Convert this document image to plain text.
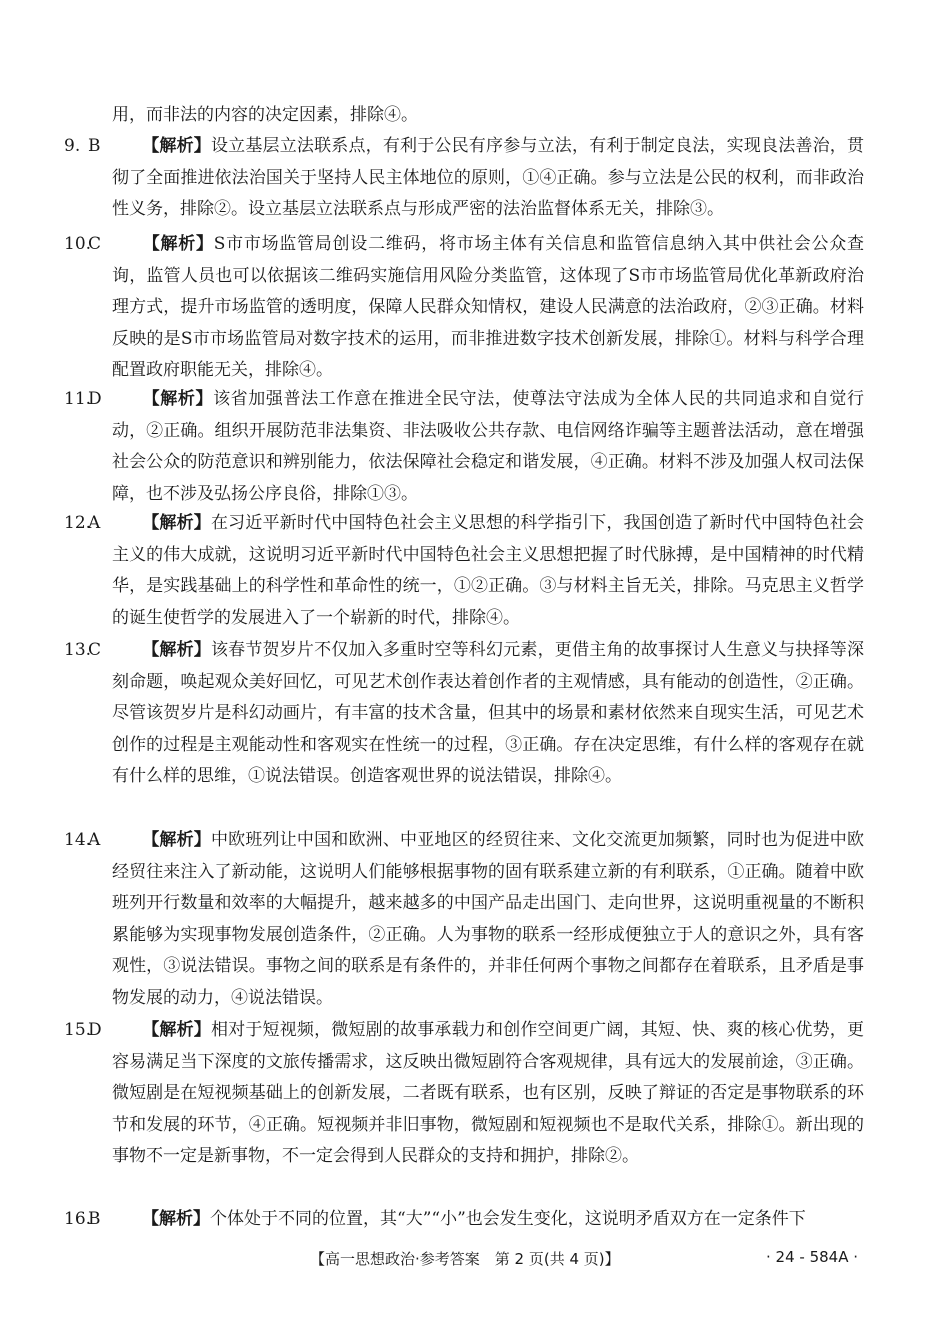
用，而非法的内容的决定因素，排除④。

9. B 【解析】设立基层立法联系点，有利于公民有序参与立法，有利于制定良法，实现良法善治，贯彻了全面推进依法治国关于坚持人民主体地位的原则，①④正确。参与立法是公民的权利，而非政治性义务，排除②。设立基层立法联系点与形成严密的法治监督体系无关，排除③。

10.C 【解析】S市市场监管局创设二维码，将市场主体有关信息和监管信息纳入其中供社会公众查询，监管人员也可以依据该二维码实施信用风险分类监管，这体现了S市市场监管局优化革新政府治理方式，提升市场监管的透明度，保障人民群众知情权，建设人民满意的法治政府，②③正确。材料反映的是S市市场监管局对数字技术的运用，而非推进数字技术创新发展，排除①。材料与科学合理配置政府职能无关，排除④。

11.D 【解析】该省加强普法工作意在推进全民守法，使尊法守法成为全体人民的共同追求和自觉行动，②正确。组织开展防范非法集资、非法吸收公共存款、电信网络诈骗等主题普法活动，意在增强社会公众的防范意识和辨别能力，依法保障社会稳定和谐发展，④正确。材料不涉及加强人权司法保障，也不涉及弘扬公序良俗，排除①③。

12.A 【解析】在习近平新时代中国特色社会主义思想的科学指引下，我国创造了新时代中国特色社会主义的伟大成就，这说明习近平新时代中国特色社会主义思想把握了时代脉搏，是中国精神的时代精华，是实践基础上的科学性和革命性的统一，①②正确。③与材料主旨无关，排除。马克思主义哲学的诞生使哲学的发展进入了一个崭新的时代，排除④。

13.C 【解析】该春节贺岁片不仅加入多重时空等科幻元素，更借主角的故事探讨人生意义与抉择等深刻命题，唤起观众美好回忆，可见艺术创作表达着创作者的主观情感，具有能动的创造性，②正确。尽管该贺岁片是科幻动画片，有丰富的技术含量，但其中的场景和素材依然来自现实生活，可见艺术创作的过程是主观能动性和客观实在性统一的过程，③正确。存在决定思维，有什么样的客观存在就有什么样的思维，①说法错误。创造客观世界的说法错误，排除④。

14.A 【解析】中欧班列让中国和欧洲、中亚地区的经贸往来、文化交流更加频繁，同时也为促进中欧经贸往来注入了新动能，这说明人们能够根据事物的固有联系建立新的有利联系，①正确。随着中欧班列开行数量和效率的大幅提升，越来越多的中国产品走出国门、走向世界，这说明重视量的不断积累能够为实现事物发展创造条件，②正确。人为事物的联系一经形成便独立于人的意识之外，具有客观性，③说法错误。事物之间的联系是有条件的，并非任何两个事物之间都存在着联系，且矛盾是事物发展的动力，④说法错误。

15.D 【解析】相对于短视频，微短剧的故事承载力和创作空间更广阔，其短、快、爽的核心优势，更容易满足当下深度的文旅传播需求，这反映出微短剧符合客观规律，具有远大的发展前途，③正确。微短剧是在短视频基础上的创新发展，二者既有联系，也有区别，反映了辩证的否定是事物联系的环节和发展的环节，④正确。短视频并非旧事物，微短剧和短视频也不是取代关系，排除①。新出现的事物不一定是新事物，不一定会得到人民群众的支持和拥护，排除②。

16.B 【解析】个体处于不同的位置，其“大”“小”也会发生变化，这说明矛盾双方在一定条件下

【高一思想政治·参考答案　第 2 页(共 4 页)】	· 24 - 584A ·
